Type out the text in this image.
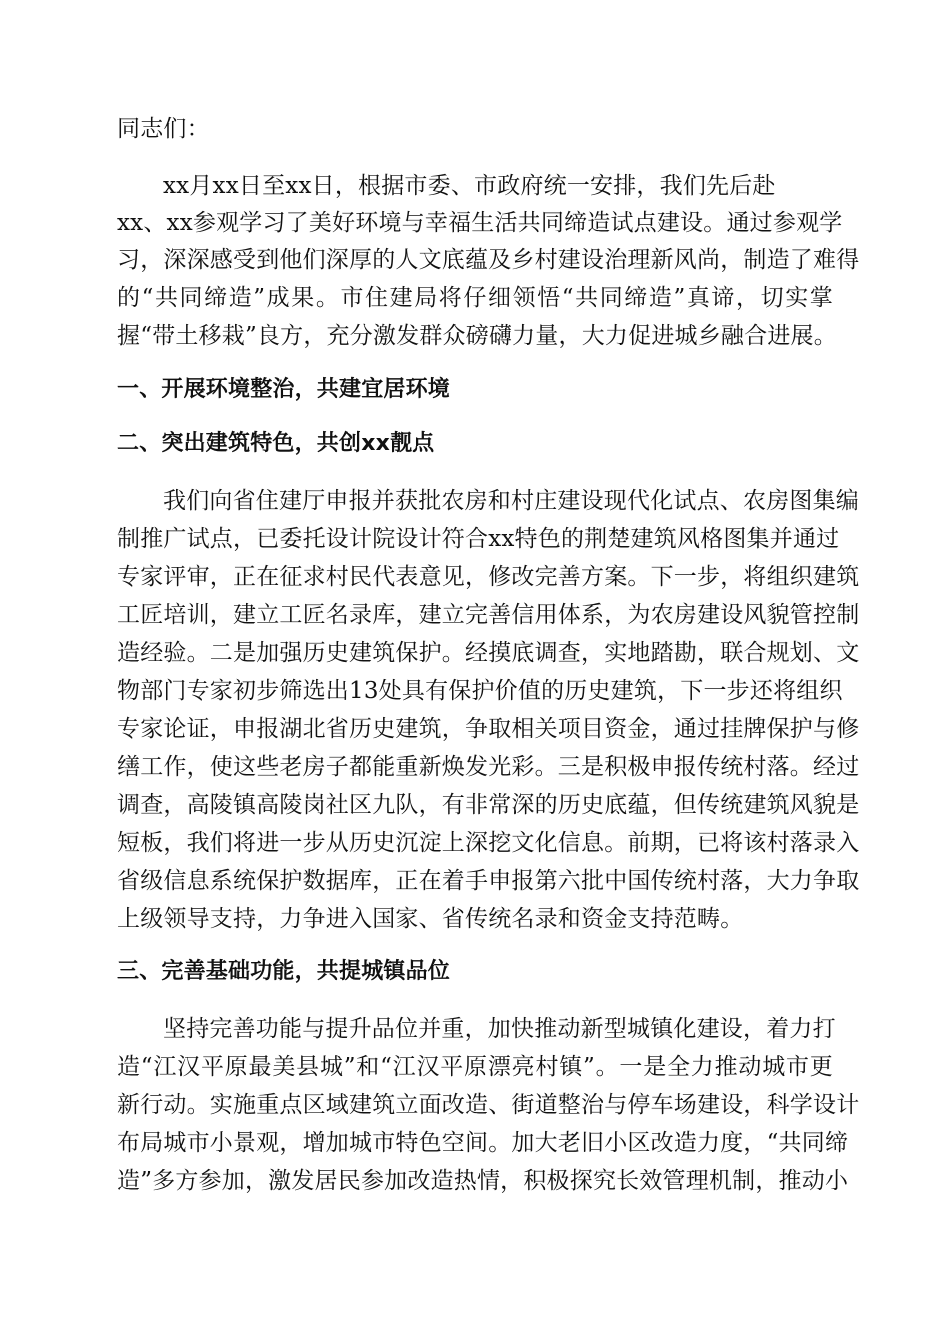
同志们：
xx月xx日至xx日，根据市委、市政府统一安排，我们先后赴
xx、xx参观学习了美好环境与幸福生活共同缔造试点建设。通过参观学
习，深深感受到他们深厚的人文底蕴及乡村建设治理新风尚，制造了难得
的“共同缔造”成果。市住建局将仔细领悟“共同缔造”真谛，切实掌
握“带土移栽”良方，充分激发群众磅礴力量，大力促进城乡融合进展。
一、开展环境整治，共建宜居环境
二、突出建筑特色，共创xx靓点
我们向省住建厅申报并获批农房和村庄建设现代化试点、农房图集编
制推广试点，已委托设计院设计符合xx特色的荆楚建筑风格图集并通过
专家评审，正在征求村民代表意见，修改完善方案。下一步，将组织建筑
工匠培训，建立工匠名录库，建立完善信用体系，为农房建设风貌管控制
造经验。二是加强历史建筑保护。经摸底调查，实地踏勘，联合规划、文
物部门专家初步筛选出13处具有保护价值的历史建筑，下一步还将组织
专家论证，申报湖北省历史建筑，争取相关项目资金，通过挂牌保护与修
缮工作，使这些老房子都能重新焕发光彩。三是积极申报传统村落。经过
调查，高陵镇高陵岗社区九队，有非常深的历史底蕴，但传统建筑风貌是
短板，我们将进一步从历史沉淀上深挖文化信息。前期，已将该村落录入
省级信息系统保护数据库，正在着手申报第六批中国传统村落，大力争取
上级领导支持，力争进入国家、省传统名录和资金支持范畴。
三、完善基础功能，共提城镇品位
坚持完善功能与提升品位并重，加快推动新型城镇化建设，着力打
造“江汉平原最美县城”和“江汉平原漂亮村镇”。一是全力推动城市更
新行动。实施重点区域建筑立面改造、街道整治与停车场建设，科学设计
布局城市小景观，增加城市特色空间。加大老旧小区改造力度，“共同缔
造”多方参加，激发居民参加改造热情，积极探究长效管理机制，推动小
